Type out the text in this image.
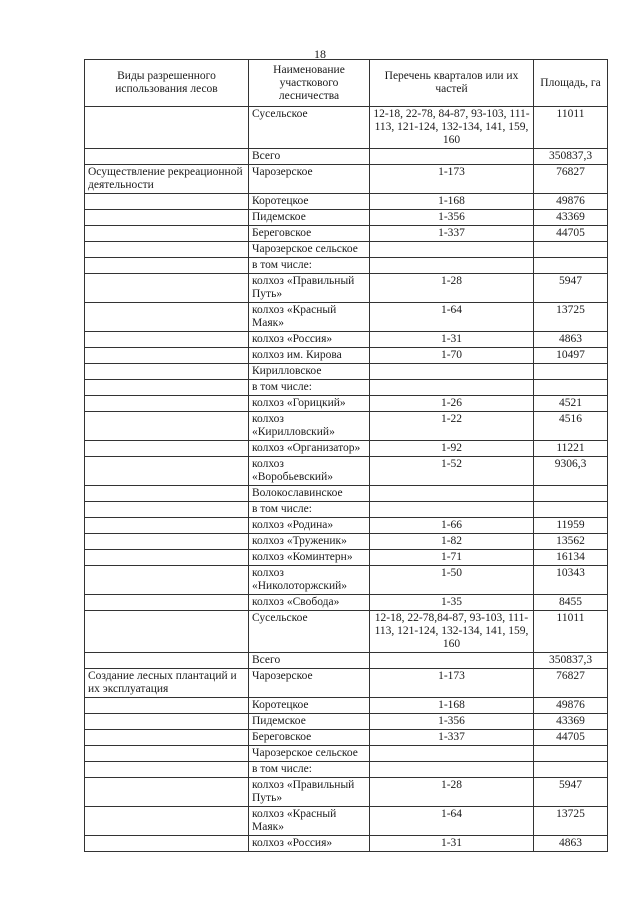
18
Виды разрешенного использования лесов	Наименование участкового лесничества	Перечень кварталов или их частей	Площадь, га
	Сусельское	12-18, 22-78, 84-87, 93-103, 111-113, 121-124, 132-134, 141, 159, 160	11011
	Всего		350837,3
Осуществление рекреационной деятельности	Чарозерское	1-173	76827
	Коротецкое	1-168	49876
	Пидемское	1-356	43369
	Береговское	1-337	44705
	Чарозерское сельское		
	в том числе:		
	колхоз «Правильный Путь»	1-28	5947
	колхоз «Красный Маяк»	1-64	13725
	колхоз «Россия»	1-31	4863
	колхоз им. Кирова	1-70	10497
	Кирилловское		
	в том числе:		
	колхоз «Горицкий»	1-26	4521
	колхоз «Кирилловский»	1-22	4516
	колхоз «Организатор»	1-92	11221
	колхоз «Воробьевский»	1-52	9306,3
	Волокославинское		
	в том числе:		
	колхоз «Родина»	1-66	11959
	колхоз «Труженик»	1-82	13562
	колхоз «Коминтерн»	1-71	16134
	колхоз «Николоторжский»	1-50	10343
	колхоз «Свобода»	1-35	8455
	Сусельское	12-18, 22-78,84-87, 93-103, 111-113, 121-124, 132-134, 141, 159, 160	11011
	Всего		350837,3
Создание лесных плантаций и их эксплуатация	Чарозерское	1-173	76827
	Коротецкое	1-168	49876
	Пидемское	1-356	43369
	Береговское	1-337	44705
	Чарозерское сельское		
	в том числе:		
	колхоз «Правильный Путь»	1-28	5947
	колхоз «Красный Маяк»	1-64	13725
	колхоз «Россия»	1-31	4863
